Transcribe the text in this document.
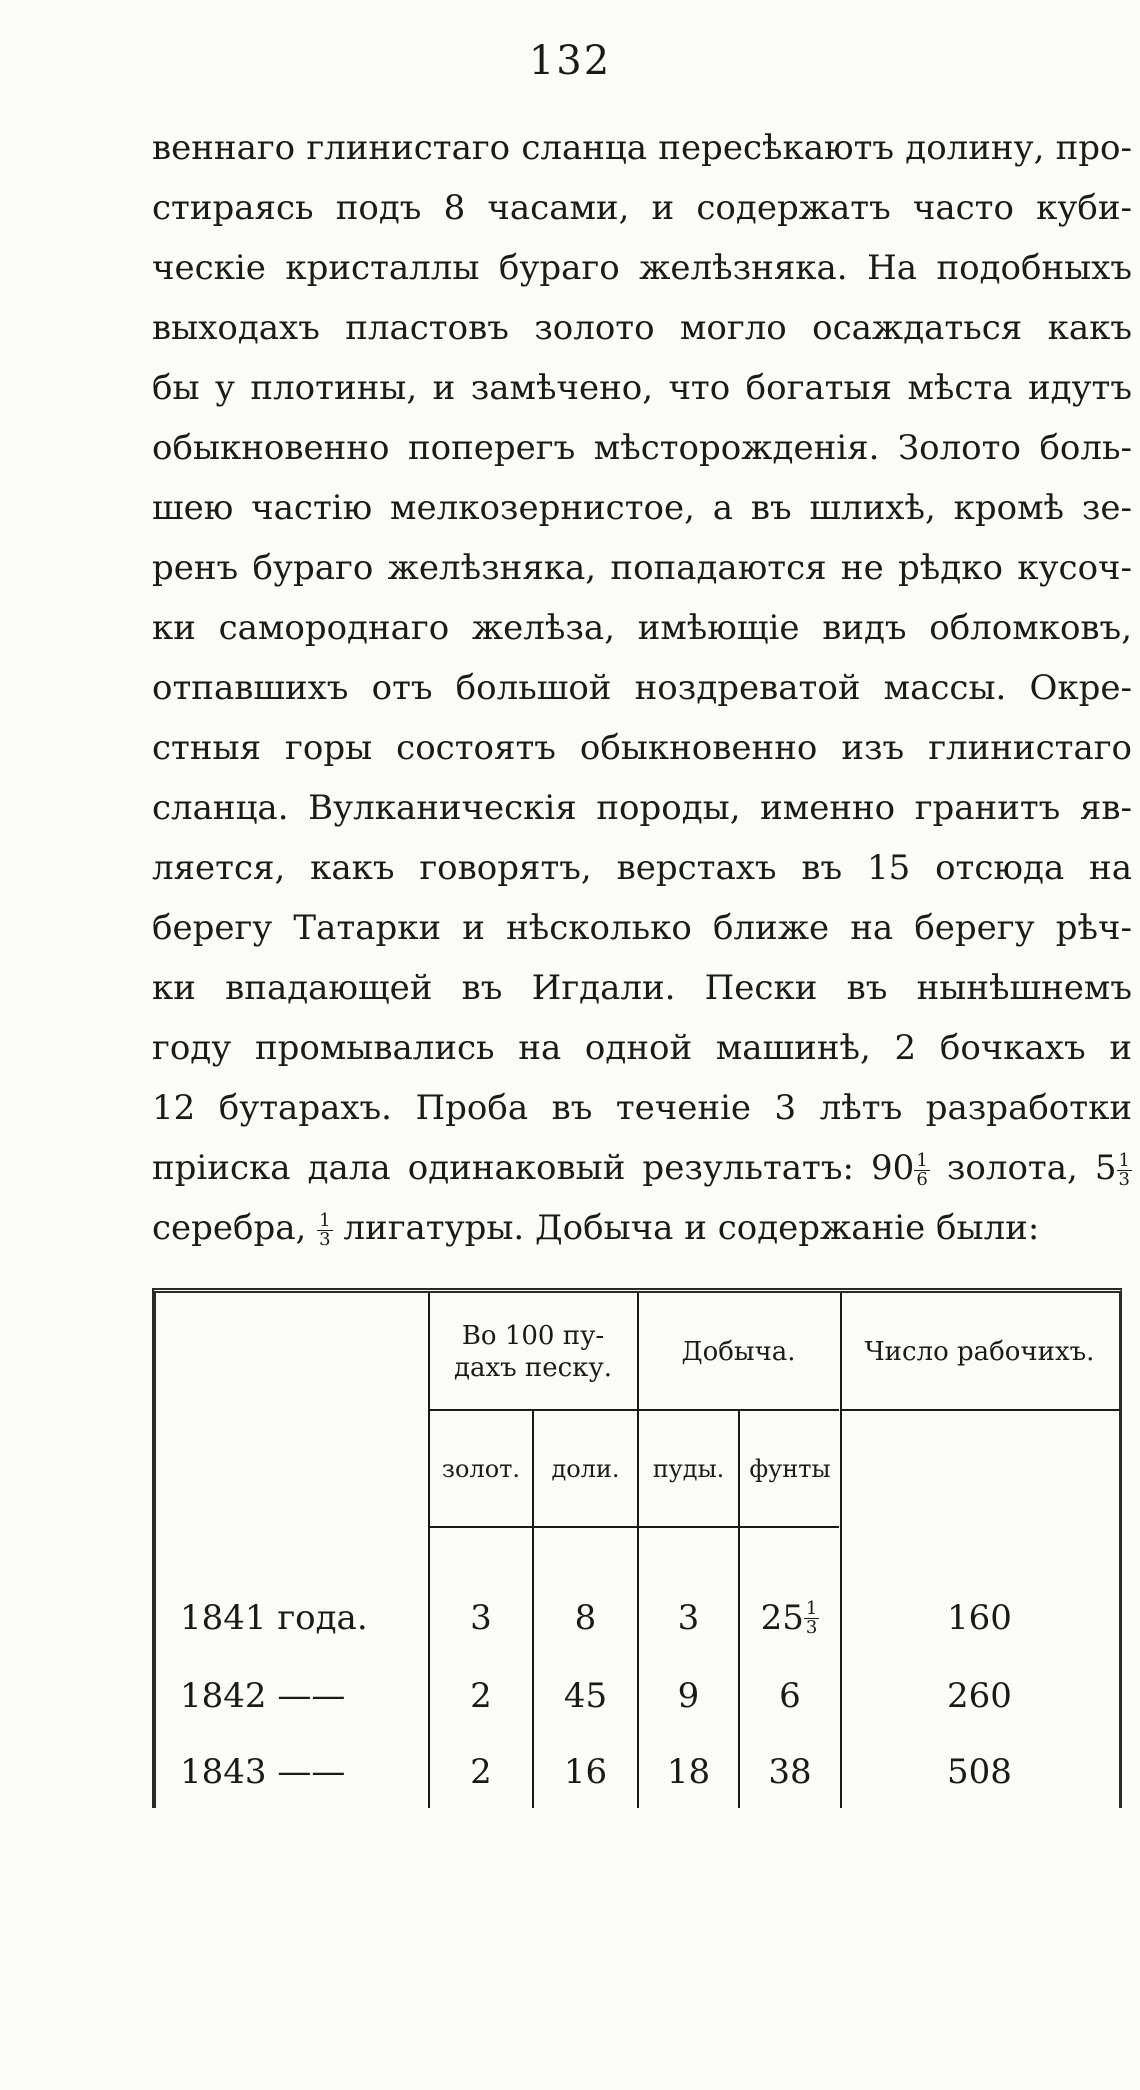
132
веннаго глинистаго сланца пересѣкаютъ долину, про-
стираясь подъ 8 часами, и содержатъ часто куби-
ческіе кристаллы бураго желѣзняка. На подобныхъ
выходахъ пластовъ золото могло осаждаться какъ
бы у плотины, и замѣчено, что богатыя мѣста идутъ
обыкновенно поперегъ мѣсторожденія. Золото боль-
шею частію мелкозернистое, а въ шлихѣ, кромѣ зе-
ренъ бураго желѣзняка, попадаются не рѣдко кусоч-
ки самороднаго желѣза, имѣющіе видъ обломковъ,
отпавшихъ отъ большой ноздреватой массы. Окре-
стныя горы состоятъ обыкновенно изъ глинистаго
сланца. Вулканическія породы, именно гранитъ яв-
ляется, какъ говорятъ, верстахъ въ 15 отсюда на
берегу Татарки и нѣсколько ближе на берегу рѣч-
ки впадающей въ Игдали. Пески въ нынѣшнемъ
году промывались на одной машинѣ, 2 бочкахъ и
12 бутарахъ. Проба въ теченіе 3 лѣтъ разработки
пріиска дала одинаковый результатъ: $90 \frac{1}{6}$ золота, $5 \frac{1}{3}$
серебра, $\frac{1}{3}$ лигатуры. Добыча и содержаніе были:
Во 100 пу- дахъ песку.
Добыча.	Число рабочихъ.
золот.	доли.	пуды.	фунты
1841 года.	3	8	3	$25 \frac{1}{3}$	160
1842 ——	2	45	9	6	260
1843 ——	2	16	18	38	508
